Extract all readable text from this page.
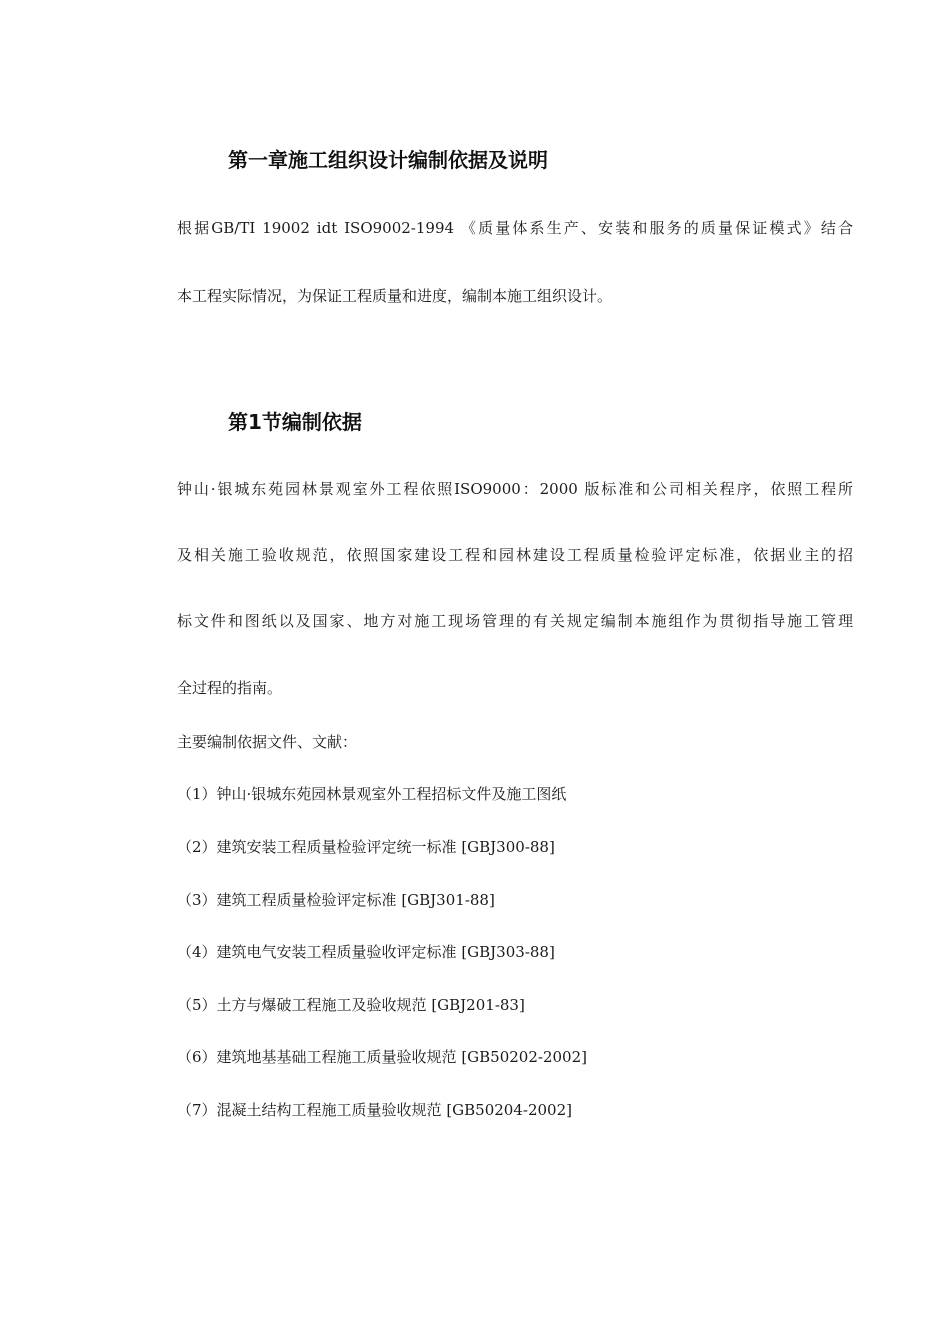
第一章施工组织设计编制依据及说明
根据GB/TI 19002 idt ISO9002-1994 《质量体系生产、安装和服务的质量保证模式》结合
本工程实际情况，为保证工程质量和进度，编制本施工组织设计。
第1节编制依据
钟山·银城东苑园林景观室外工程依照ISO9000：2000 版标准和公司相关程序，依照工程所
及相关施工验收规范，依照国家建设工程和园林建设工程质量检验评定标准，依据业主的招
标文件和图纸以及国家、地方对施工现场管理的有关规定编制本施组作为贯彻指导施工管理
全过程的指南。
主要编制依据文件、文献：
（1）钟山·银城东苑园林景观室外工程招标文件及施工图纸
（2）建筑安装工程质量检验评定统一标准 [GBJ300-88]
（3）建筑工程质量检验评定标准 [GBJ301-88]
（4）建筑电气安装工程质量验收评定标准 [GBJ303-88]
（5）土方与爆破工程施工及验收规范 [GBJ201-83]
（6）建筑地基基础工程施工质量验收规范 [GB50202-2002]
（7）混凝土结构工程施工质量验收规范 [GB50204-2002]
